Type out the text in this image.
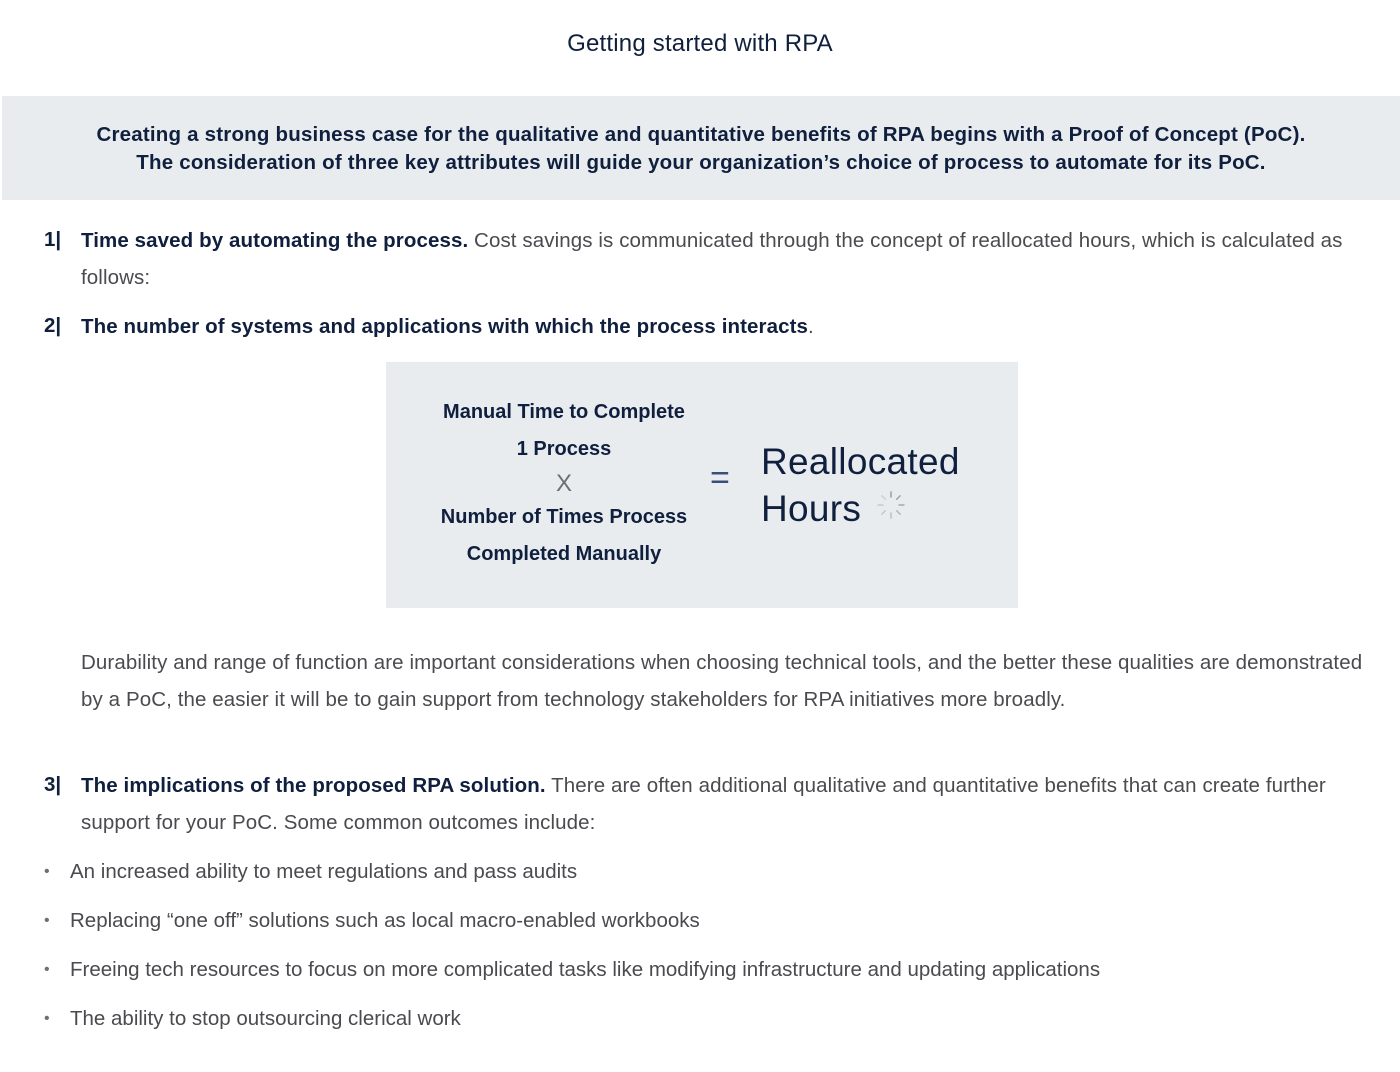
Getting started with RPA

Creating a strong business case for the qualitative and quantitative benefits of RPA begins with a Proof of Concept (PoC).

The consideration of three key attributes will guide your organization’s choice of process to automate for its PoC.

1| Time saved by automating the process. Cost savings is communicated through the concept of reallocated hours, which is calculated as follows:
2| The number of systems and applications with which the process interacts.
Manual Time to Complete
1 Process
X
Number of Times Process
Completed Manually
= Reallocated
Hours
Durability and range of function are important considerations when choosing technical tools, and the better these qualities are demonstrated by a PoC, the easier it will be to gain support from technology stakeholders for RPA initiatives more broadly.
3| The implications of the proposed RPA solution. There are often additional qualitative and quantitative benefits that can create further support for your PoC. Some common outcomes include:
• An increased ability to meet regulations and pass audits
• Replacing “one off” solutions such as local macro-enabled workbooks
• Freeing tech resources to focus on more complicated tasks like modifying infrastructure and updating applications
• The ability to stop outsourcing clerical work
